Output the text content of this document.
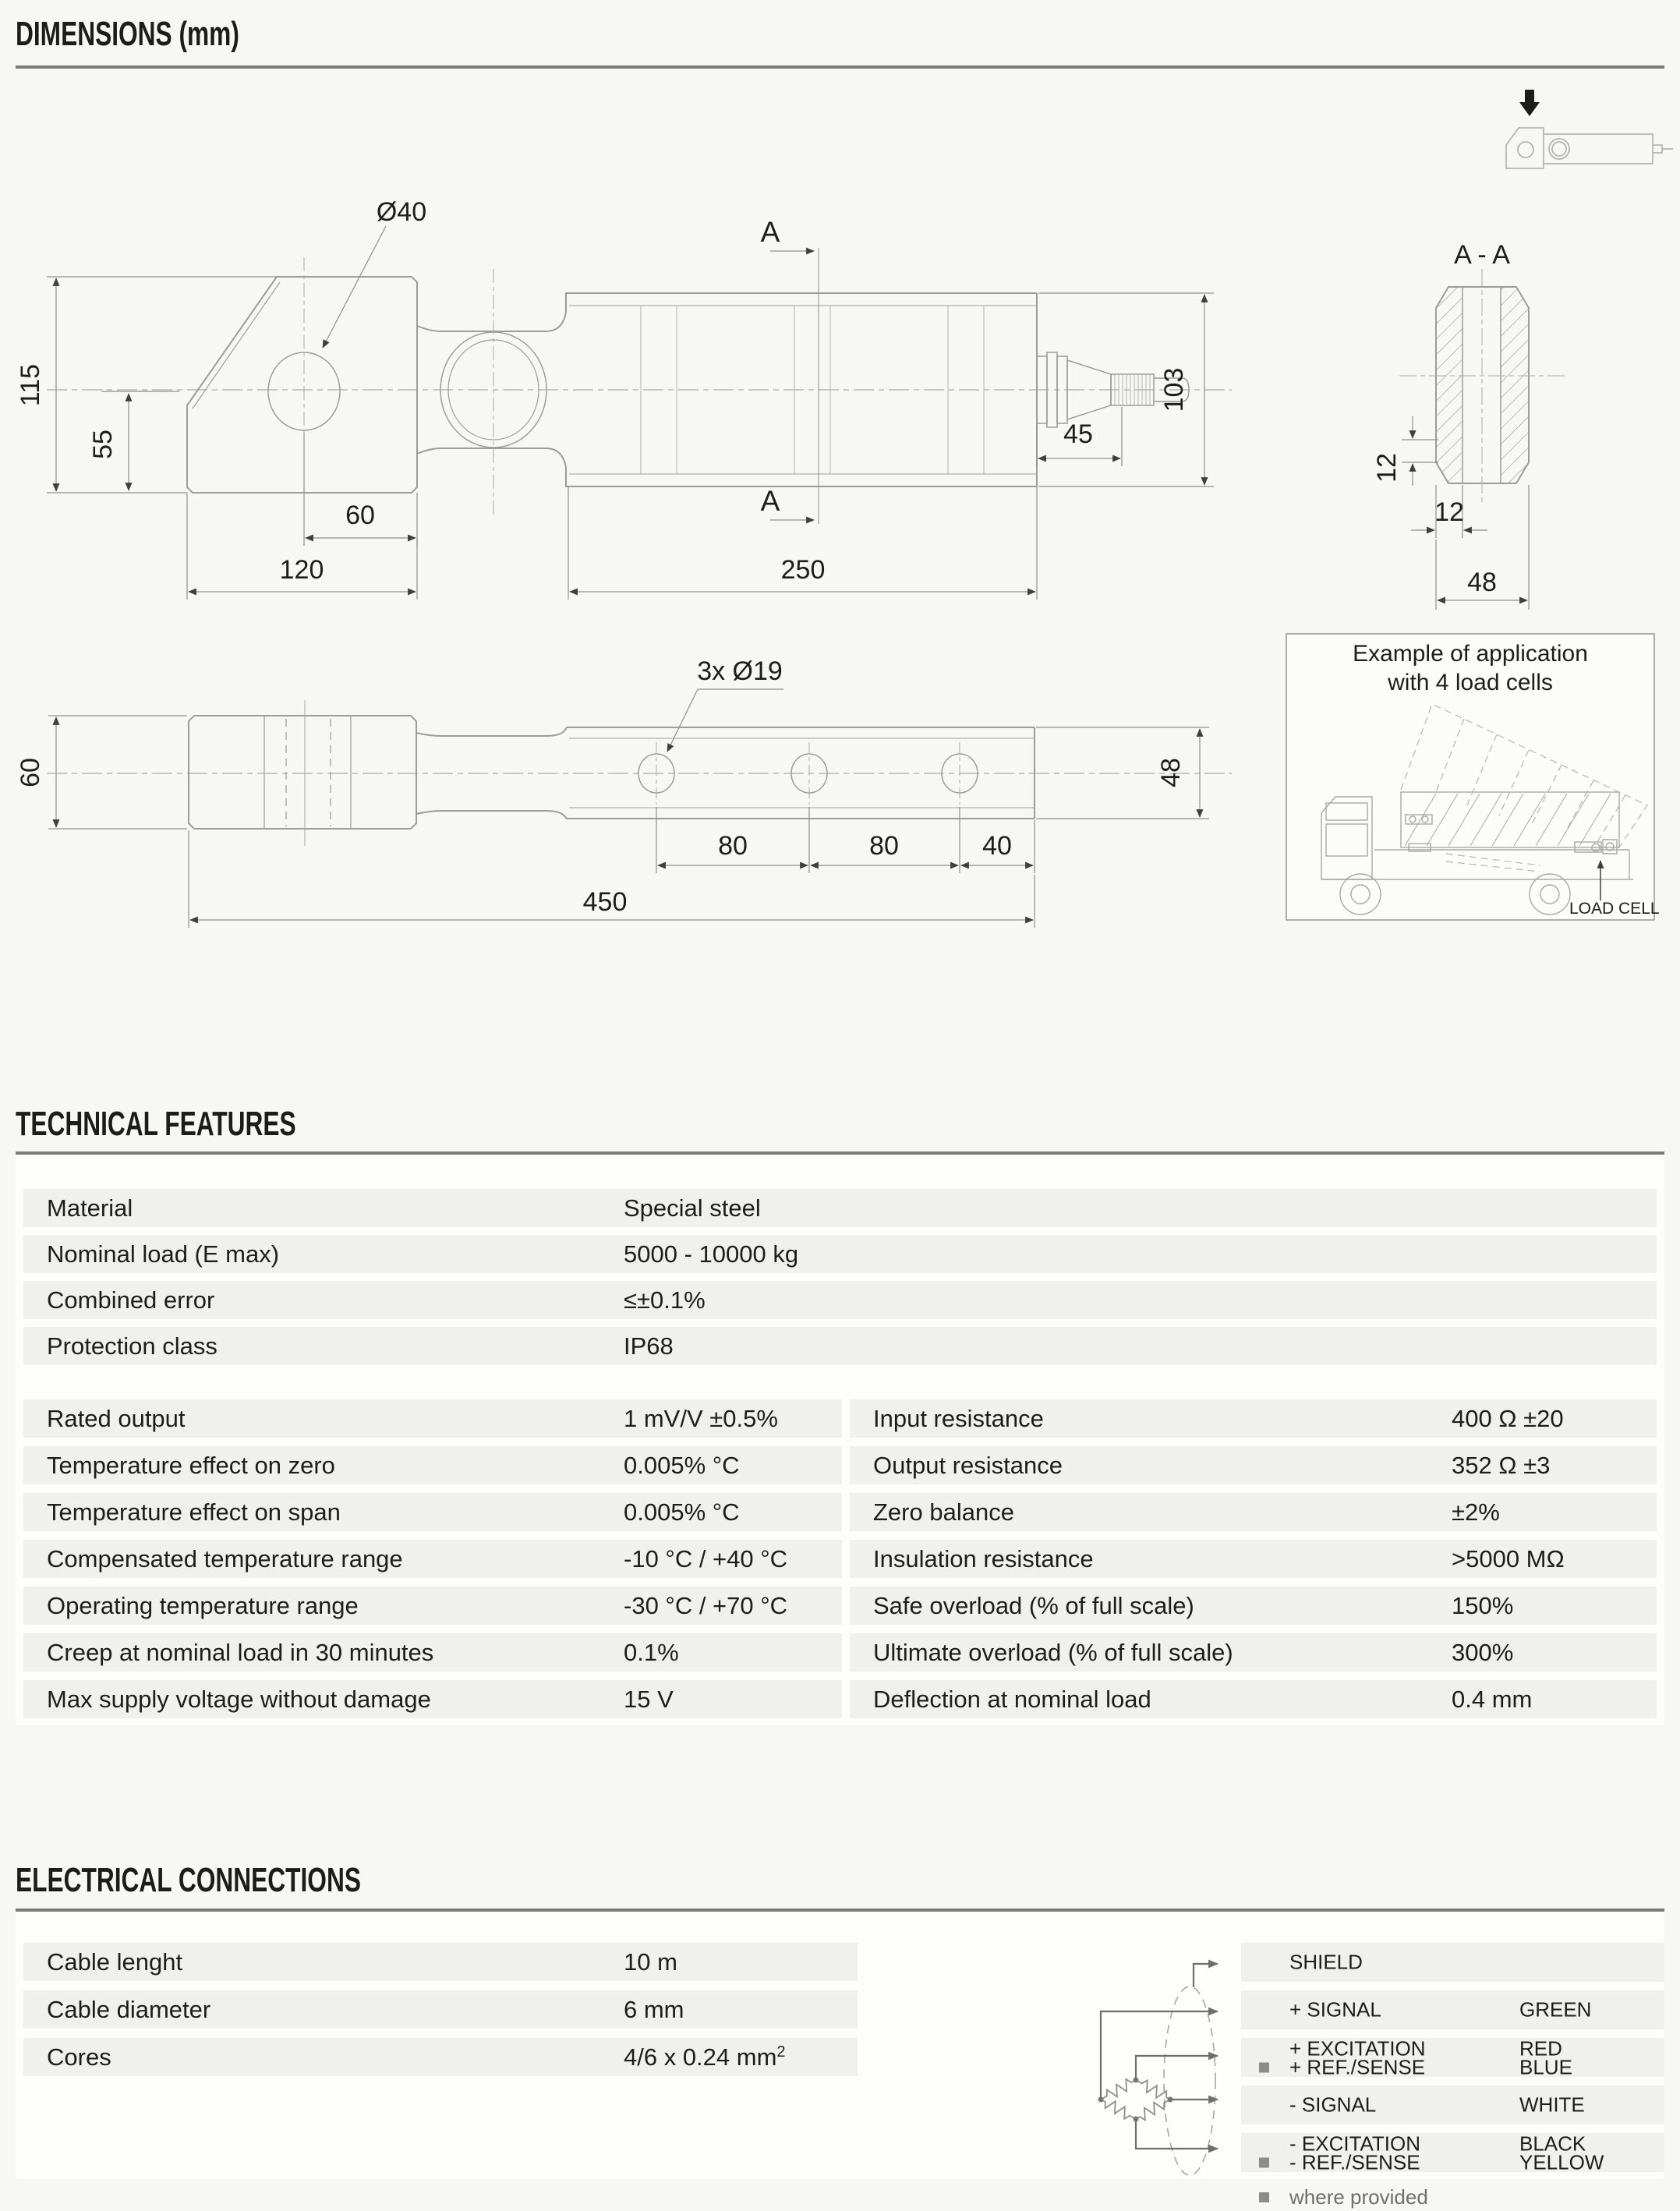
DIMENSIONS (mm)
Ø40
115
55
60
120	250
45
103
A
A
A - A
12
12
48
3x Ø19
60	48
80	80	40
450
Example of application
with 4 load cells
LOAD CELL
TECHNICAL FEATURES
Material	Special steel
Nominal load (E max)	5000 - 10000 kg
Combined error	≤±0.1%
Protection class	IP68
Rated output	1 mV/V ±0.5%
Temperature effect on zero	0.005% °C
Temperature effect on span	0.005% °C
Compensated temperature range	-10 °C / +40 °C
Operating temperature range	-30 °C / +70 °C
Creep at nominal load in 30 minutes	0.1%
Max supply voltage without damage	15 V
Input resistance	400 Ω ±20
Output resistance	352 Ω ±3
Zero balance	±2%
Insulation resistance	>5000 MΩ
Safe overload (% of full scale)	150%
Ultimate overload (% of full scale)	300%
Deflection at nominal load	0.4 mm
ELECTRICAL CONNECTIONS
Cable lenght	10 m
Cable diameter	6 mm
Cores	4/6 x 0.24 $mm^2$
SHIELD
+ SIGNAL	GREEN
+ EXCITATION	RED
+ REF./SENSE	BLUE
- SIGNAL	WHITE
- EXCITATION	BLACK
- REF./SENSE	YELLOW
where provided
